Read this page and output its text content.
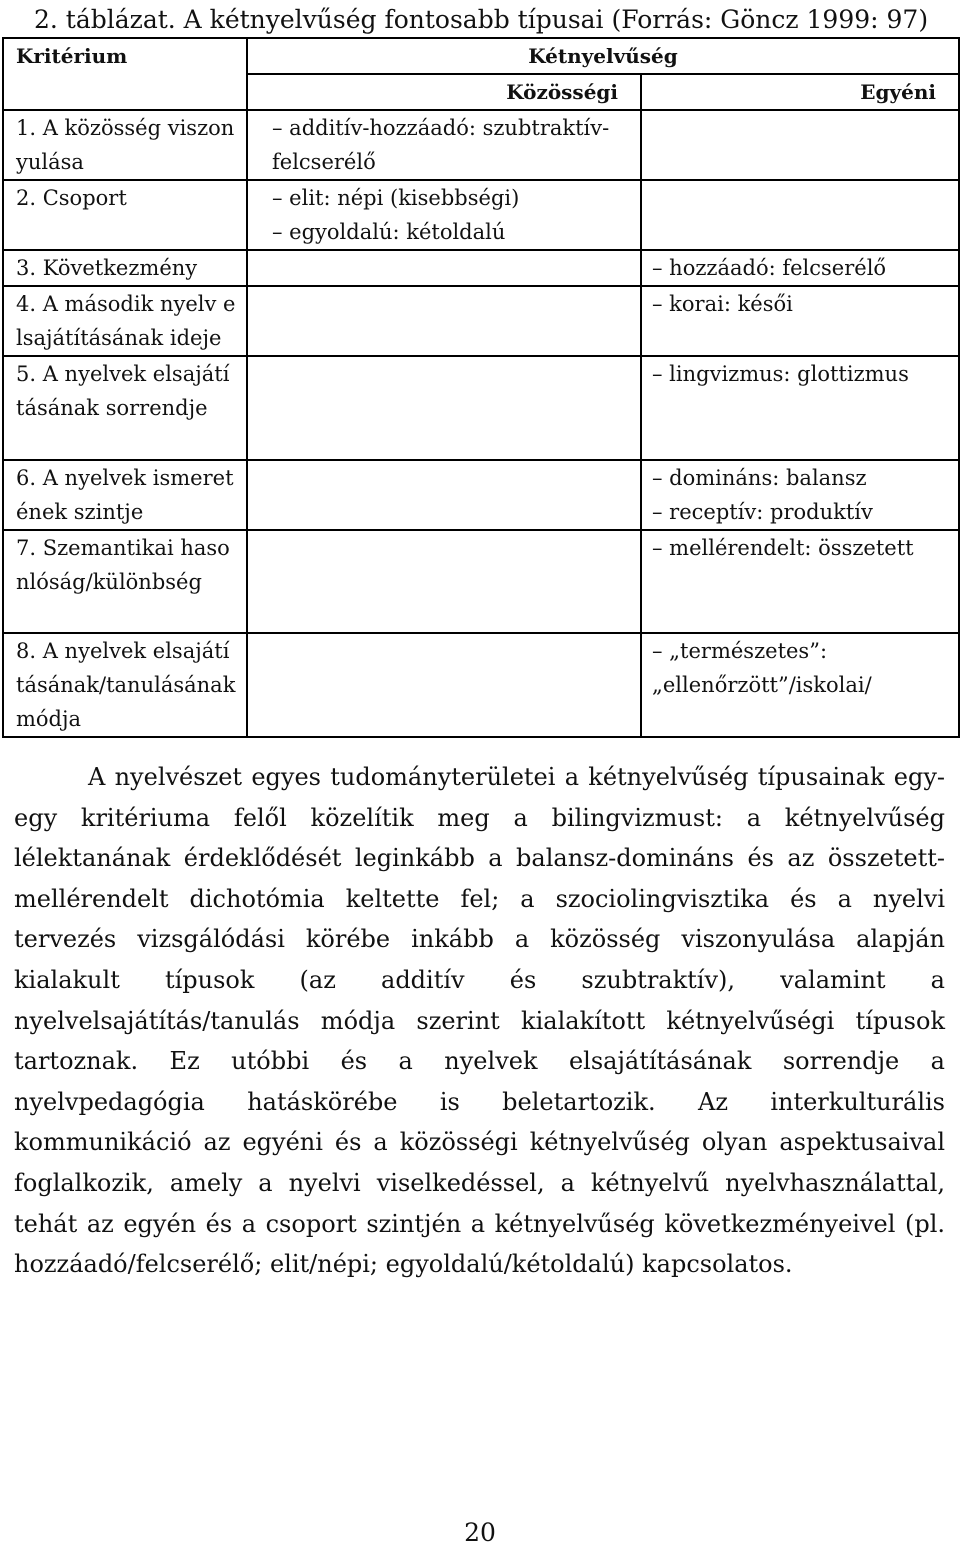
2. táblázat. A kétnyelvűség fontosabb típusai (Forrás: Göncz 1999: 97)
Kritérium	Kétnyelvűség	
	Közösségi	Egyéni
1. A közösség viszonyulása	– additív-hozzáadó: szubtraktív-
felcserélő	

2. Csoport	– elit: népi (kisebbségi)
– egyoldalú: kétoldalú	

3. Következmény		– hozzáadó: felcserélő

4. A második nyelv elsajátításának ideje		– korai: késői

5. A nyelvek elsajátításának sorrendje		– lingvizmus: glottizmus

6. A nyelvek ismeretének szintje		– domináns: balansz
– receptív: produktív

7. Szemantikai hasonlóság/különbség		– mellérendelt: összetett

8. A nyelvek elsajátításának/tanulásának módja		– „természetes”:
„ellenőrzött”/iskolai/

A nyelvészet egyes tudományterületei a kétnyelvűség típusainak egy-egy kritériuma felől közelítik meg a bilingvizmust: a kétnyelvűség lélektanának érdeklődését leginkább a balansz-domináns és az összetett-mellérendelt dichotómia keltette fel; a szociolingvisztika és a nyelvi tervezés vizsgálódási körébe inkább a közösség viszonyulása alapján kialakult típusok (az additív és szubtraktív), valamint a nyelvelsajátítás/tanulás módja szerint kialakított kétnyelvűségi típusok tartoznak. Ez utóbbi és a nyelvek elsajátításának sorrendje a nyelvpedagógia hatáskörébe is beletartozik. Az interkulturális kommunikáció az egyéni és a közösségi kétnyelvűség olyan aspektusaival foglalkozik, amely a nyelvi viselkedéssel, a kétnyelvű nyelvhasználattal, tehát az egyén és a csoport szintjén a kétnyelvűség következményeivel (pl. hozzáadó/felcserélő; elit/népi; egyoldalú/kétoldalú) kapcsolatos.

20
